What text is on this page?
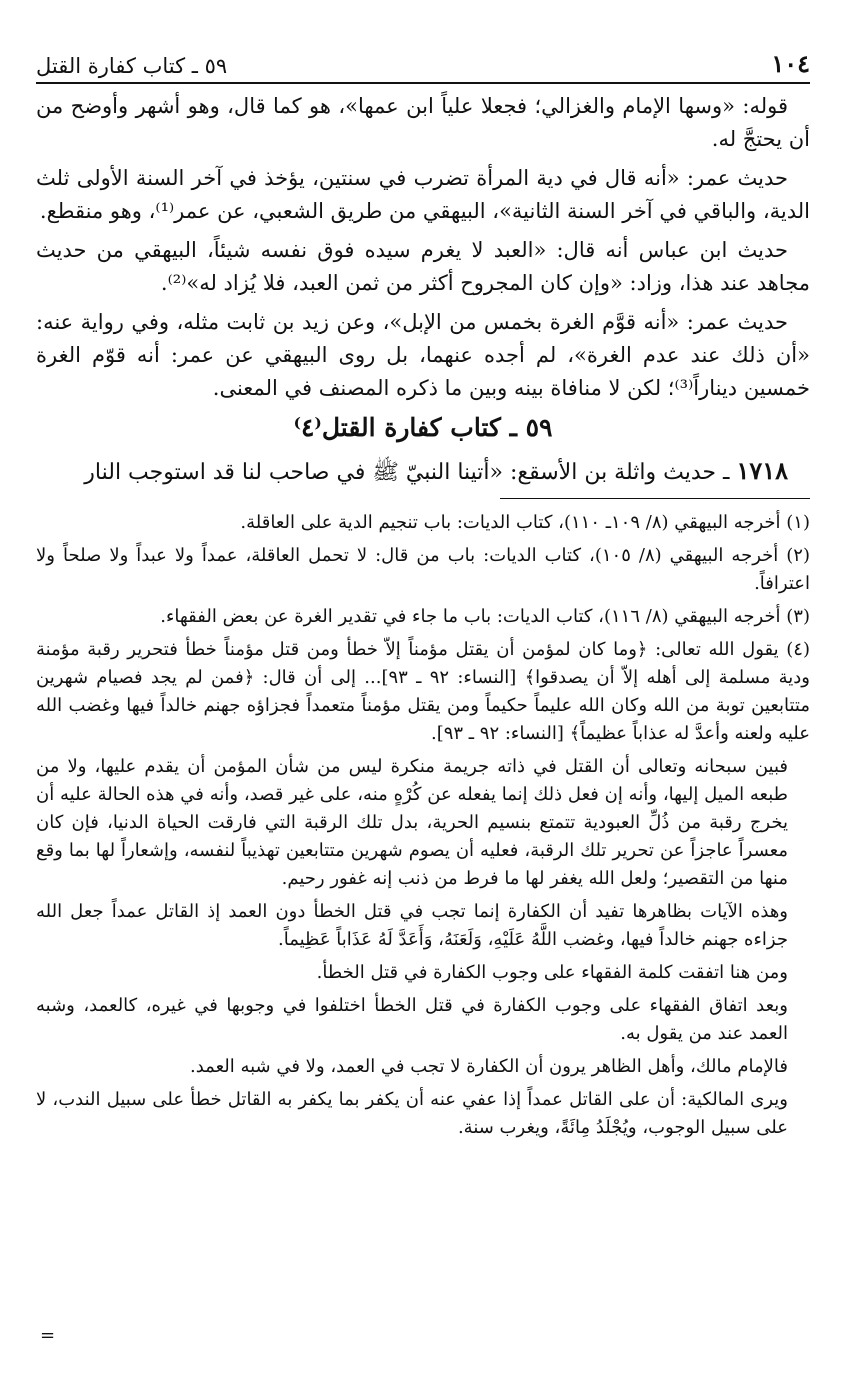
١٠٤
٥٩ ـ كتاب كفارة القتل

قوله: «وسها الإمام والغزالي؛ فجعلا علياً ابن عمها»، هو كما قال، وهو أشهر وأوضح من أن يحتجَّ له.

حديث عمر: «أنه قال في دية المرأة تضرب في سنتين، يؤخذ في آخر السنة الأولى ثلث الدية، والباقي في آخر السنة الثانية»، البيهقي من طريق الشعبي، عن عمر⁽¹⁾، وهو منقطع.

حديث ابن عباس أنه قال: «العبد لا يغرم سيده فوق نفسه شيئاً، البيهقي من حديث مجاهد عند هذا، وزاد: «وإن كان المجروح أكثر من ثمن العبد، فلا يُزاد له»⁽²⁾.

حديث عمر: «أنه قوَّم الغرة بخمس من الإبل»، وعن زيد بن ثابت مثله، وفي رواية عنه: «أن ذلك عند عدم الغرة»، لم أجده عنهما، بل روى البيهقي عن عمر: أنه قوّم الغرة خمسين ديناراً⁽³⁾؛ لكن لا منافاة بينه وبين ما ذكره المصنف في المعنى.

٥٩ ـ كتاب كفارة القتل⁽٤⁾

١٧١٨ ـ حديث واثلة بن الأسقع: «أتينا النبيّ ﷺ في صاحب لنا قد استوجب النار

(١) أخرجه البيهقي (٨/ ١٠٩ـ ١١٠)، كتاب الديات: باب تنجيم الدية على العاقلة.

(٢) أخرجه البيهقي (٨/ ١٠٥)، كتاب الديات: باب من قال: لا تحمل العاقلة، عمداً ولا عبداً ولا صلحاً ولا اعترافاً.

(٣) أخرجه البيهقي (٨/ ١١٦)، كتاب الديات: باب ما جاء في تقدير الغرة عن بعض الفقهاء.

(٤) يقول الله تعالى: ﴿وما كان لمؤمن أن يقتل مؤمناً إلاّ خطأ ومن قتل مؤمناً خطأ فتحرير رقبة مؤمنة ودية مسلمة إلى أهله إلاّ أن يصدقوا﴾ [النساء: ٩٢ ـ ٩٣]... إلى أن قال: ﴿فمن لم يجد فصيام شهرين متتابعين توبة من الله وكان الله عليماً حكيماً ومن يقتل مؤمناً متعمداً فجزاؤه جهنم خالداً فيها وغضب الله عليه ولعنه وأعدَّ له عذاباً عظيماً﴾ [النساء: ٩٢ ـ ٩٣].

فبين سبحانه وتعالى أن القتل في ذاته جريمة منكرة ليس من شأن المؤمن أن يقدم عليها، ولا من طبعه الميل إليها، وأنه إن فعل ذلك إنما يفعله عن كُرْهٍ منه، على غير قصد، وأنه في هذه الحالة عليه أن يخرج رقبة من ذُلِّ العبودية تتمتع بنسيم الحرية، بدل تلك الرقبة التي فارقت الحياة الدنيا، فإن كان معسراً عاجزاً عن تحرير تلك الرقبة، فعليه أن يصوم شهرين متتابعين تهذيباً لنفسه، وإشعاراً لها بما وقع منها من التقصير؛ ولعل الله يغفر لها ما فرط من ذنب إنه غفور رحيم.

وهذه الآيات بظاهرها تفيد أن الكفارة إنما تجب في قتل الخطأ دون العمد إذ القاتل عمداً جعل الله جزاءه جهنم خالداً فيها، وغضب اللَّهُ عَلَيْهِ، وَلَعَنَهُ، وَأَعَدَّ لَهُ عَذَاباً عَظِيماً.

ومن هنا اتفقت كلمة الفقهاء على وجوب الكفارة في قتل الخطأ.

وبعد اتفاق الفقهاء على وجوب الكفارة في قتل الخطأ اختلفوا في وجوبها في غيره، كالعمد، وشبه العمد عند من يقول به.

فالإمام مالك، وأهل الظاهر يرون أن الكفارة لا تجب في العمد، ولا في شبه العمد.

ويرى المالكية: أن على القاتل عمداً إذا عفي عنه أن يكفر بما يكفر به القاتل خطأ على سبيل الندب، لا على سبيل الوجوب، ويُجْلَدُ مِائَةً، ويغرب سنة.

=
